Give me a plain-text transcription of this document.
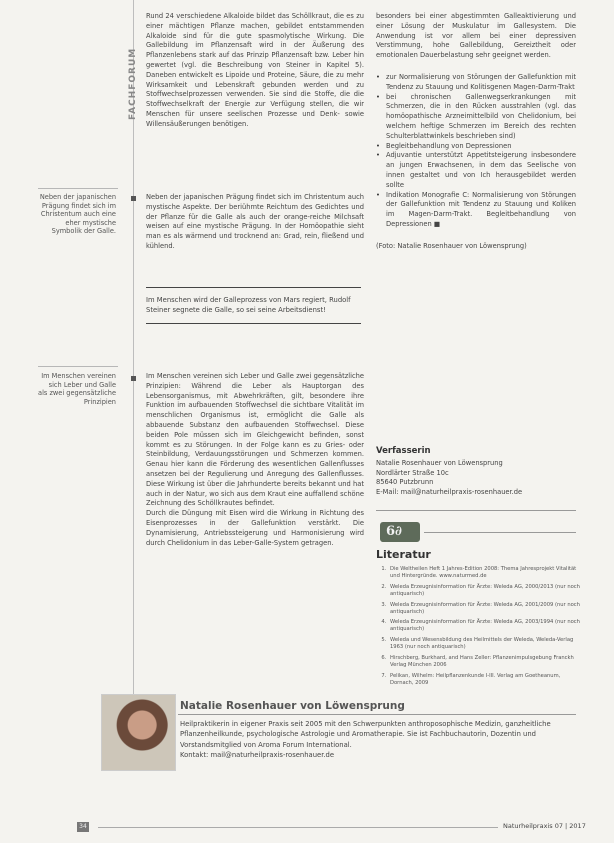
FACHFORUM
Neben der japanischen Prägung findet sich im Christentum auch eine eher mystische Symbolik der Galle.
Im Menschen vereinen sich Leber und Galle als zwei gegensätzliche Prinzipien

Rund 24 verschiedene Alkaloide bildet das Schöllkraut, die es zu einer mächtigen Pflanze machen, gebildet entstammenden Alkaloide sind für die gute spasmolytische Wirkung. Die Gallebildung im Pflanzensaft wird in der Äußerung des Pflanzenlebens stark auf das Prinzip Pflanzensaft bzw. Leber hin gewertet (vgl. die Beschreibung von Steiner in Kapitel 5). Daneben entwickelt es Lipoide und Proteine, Säure, die zu mehr Wirksamkeit und Lebenskraft gebunden werden und zu Stoffwechselprozessen verwenden. Sie sind die Stoffe, die die Stoffwechselkraft der Energie zur Verfügung stellen, die wir Menschen für unsere seelischen Prozesse und Denk- sowie Willensäußerungen benötigen.

Neben der japanischen Prägung findet sich im Christentum auch mystische Aspekte. Der beriühmte Reichtum des Gedichtes und der Pflanze für die Galle als auch der orange-reiche Milchsaft weisen auf eine mystische Prägung. In der Homöopathie sieht man es als wärmend und trocknend an: Grad, rein, fließend und kühlend.

Im Menschen wird der Galleprozess von Mars regiert, Rudolf Steiner segnete die Galle, so sei seine Arbeitsdienst!

Im Menschen vereinen sich Leber und Galle zwei gegensätzliche Prinzipien: Während die Leber als Hauptorgan des Lebensorganismus, mit Abwehrkräften, gilt, besondere ihre Funktion im aufbauenden Stoffwechsel die sichtbare Vitalität im menschlichen Organismus ist, ermöglicht die Galle als abbauende Substanz den aufbauenden Stoffwechsel. Diese beiden Pole müssen sich im Gleichgewicht befinden, sonst kommt es zu Störungen. In der Folge kann es zu Gries- oder Steinbildung, Verdauungsstörungen und Schmerzen kommen. Genau hier kann die Förderung des wesentlichen Gallenflusses ansetzen bei der Regulierung und Anregung des Gallenflusses. Diese Wirkung ist über die Jahrhunderte bereits bekannt und hat auch in der Natur, wo sich aus dem Kraut eine auffallend schöne Zeichnung des Schöllkrautes befindet.

Durch die Düngung mit Eisen wird die Wirkung in Richtung des Eisenprozesses in der Gallefunktion verstärkt. Die Dynamisierung, Antriebssteigerung und Harmonisierung wird durch Chelidonium in das Leber-Galle-System getragen.

besonders bei einer abgestimmten Galleaktivierung und einer Lösung der Muskulatur im Gallesystem. Die Anwendung ist vor allem bei einer depressiven Verstimmung, hohe Gallebildung, Gereiztheit oder emotionalen Dauerbelastung sehr geeignet werden.

• zur Normalisierung von Störungen der Gallefunktion mit Tendenz zu Stauung und Kolitisgenen Magen-Darm-Trakt
• bei chronischen Gallenwegserkrankungen mit Schmerzen, die in den Rücken ausstrahlen (vgl. das homöopathische Arzneimittelbild von Chelidonium, bei welchem heftige Schmerzen im Bereich des rechten Schulterblattwinkels beschrieben sind)
• Begleitbehandlung von Depressionen
• Adjuvantie unterstützt Appetitsteigerung insbesondere an jungen Erwachsenen, in dem das Seelische von innen gestaltet und von Ich herausgebildet werden sollte
• Indikation Monografie C: Normalisierung von Störungen der Gallefunktion mit Tendenz zu Stauung und Koliken im Magen-Darm-Trakt. Begleitbehandlung von Depressionen ■

(Foto: Natalie Rosenhauer von Löwensprung)

Verfasserin
Natalie Rosenhauer von Löwensprung
Nordlärter Straße 10c
85640 Putzbrunn
E-Mail: mail@naturheilpraxis-rosenhauer.de
6∂
Literatur
1. Die Weltheilen Heft 1 Jahres-Edition 2008: Thema Jahresprojekt Vitalität und Hintergründe. www.naturmed.de
2. Weleda Erzeugnisinformation für Ärzte: Weleda AG, 2000/2013 (nur noch antiquarisch)
3. Weleda Erzeugnisinformation für Ärzte: Weleda AG, 2001/2009 (nur noch antiquarisch)
4. Weleda Erzeugnisinformation für Ärzte: Weleda AG, 2003/1994 (nur noch antiquarisch)
5. Weleda und Wesensbildung des Heilmittels der Weleda, Weleda-Verlag 1963 (nur noch antiquarisch)
6. Hirschberg, Burkhard, and Hans Zeller: Pflanzenimpulsgebung Franckh Verlag München 2006
7. Pelikan, Wilhelm: Heilpflanzenkunde I-III. Verlag am Goetheanum, Dornach, 2009
Natalie Rosenhauer von Löwensprung
Heilpraktikerin in eigener Praxis seit 2005 mit den Schwerpunkten anthroposophische Medizin, ganzheitliche Pflanzenheilkunde, psychologische Astrologie und Aromatherapie. Sie ist Fachbuchautorin, Dozentin und Vorstandsmitglied von Aroma Forum International.
Kontakt: mail@naturheilpraxis-rosenhauer.de
34	Naturheilpraxis 07 | 2017
